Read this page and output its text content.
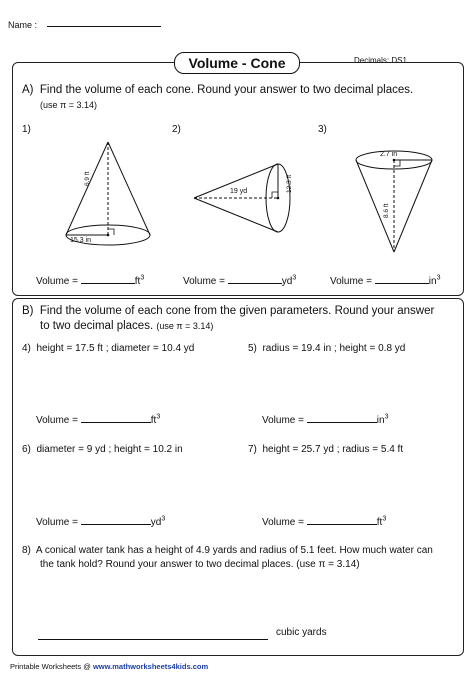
Name :
Decimals: DS1
Volume - Cone
A) Find the volume of each cone. Round your answer to two decimal places.
(use π = 3.14)
1)	2)	3)
6.9 ft
15.3 in
19 yd	12.3 ft
2.7 in
8.6 ft
Volume =	$ft^3$	Volume =	$yd^3$	Volume =	$in^3$
B) Find the volume of each cone from the given parameters. Round your answer
to two decimal places. (use π = 3.14)
4) height = 17.5 ft ; diameter = 10.4 yd	5) radius = 19.4 in ; height = 0.8 yd
Volume =	$ft^3$	Volume =	$in^3$
6) diameter = 9 yd ; height = 10.2 in	7) height = 25.7 yd ; radius = 5.4 ft
Volume =	$yd^3$	Volume =	$ft^3$
8) A conical water tank has a height of 4.9 yards and radius of 5.1 feet. How much water can
the tank hold? Round your answer to two decimal places. (use π = 3.14)
cubic yards
Printable Worksheets @ www.mathworksheets4kids.com
